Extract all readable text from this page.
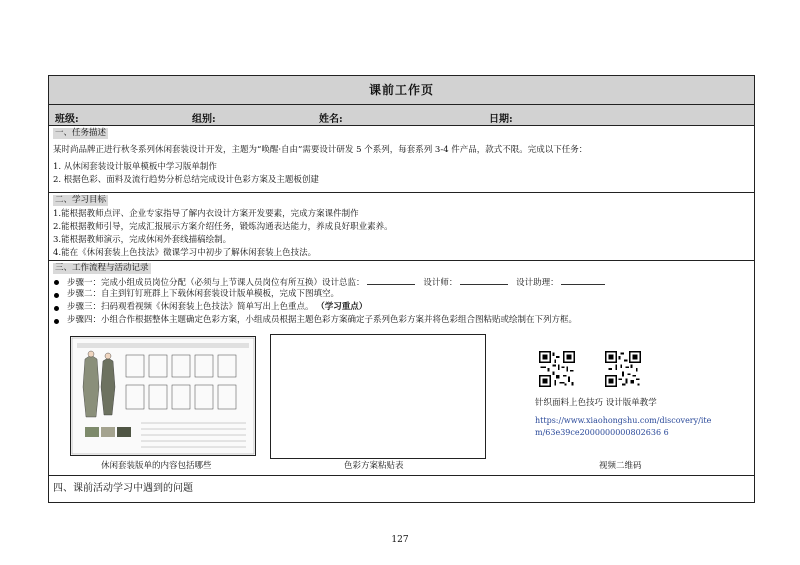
课前工作页
班级:	组别:	姓名:	日期:
一、任务描述
某时尚品牌正进行秋冬系列休闲套装设计开发，主题为“唤醒·自由”需要设计研发 5 个系列，每套系列 3-4 件产品，款式不限。完成以下任务：
1. 从休闲套装设计版单模板中学习版单制作
2. 根据色彩、面料及流行趋势分析总结完成设计色彩方案及主题板创建
二、学习目标
1.能根据教师点评、企业专家指导了解内衣设计方案开发要素，完成方案课件制作
2.能根据教师引导，完成汇报展示方案介绍任务，锻炼沟通表达能力，养成良好职业素养。
3.能根据教师演示，完成休闲外套线描稿绘制。
4.能在《休闲套装上色技法》微课学习中初步了解休闲套装上色技法。
三、工作流程与活动记录
步骤一：完成小组成员岗位分配（必须与上节课人员岗位有所互换）设计总监：	设计师：	设计助理：
步骤二：自主到钉钉班群上下载休闲套装设计版单模板，完成下图填空。
步骤三：扫码观看视频《休闲套装上色技法》简单写出上色重点。 （学习重点）
步骤四：小组合作根据整体主题确定色彩方案，小组成员根据主题色彩方案确定子系列色彩方案并将色彩组合图粘贴或绘制在下列方框。
休闲套装版单的内容包括哪些	色彩方案粘贴表
针织面料上色技巧 设计版单教学
https://www.xiaohongshu.com/discovery/ite
m/63e39ce2000000000802636 6
视频二维码
四、课前活动学习中遇到的问题
127
